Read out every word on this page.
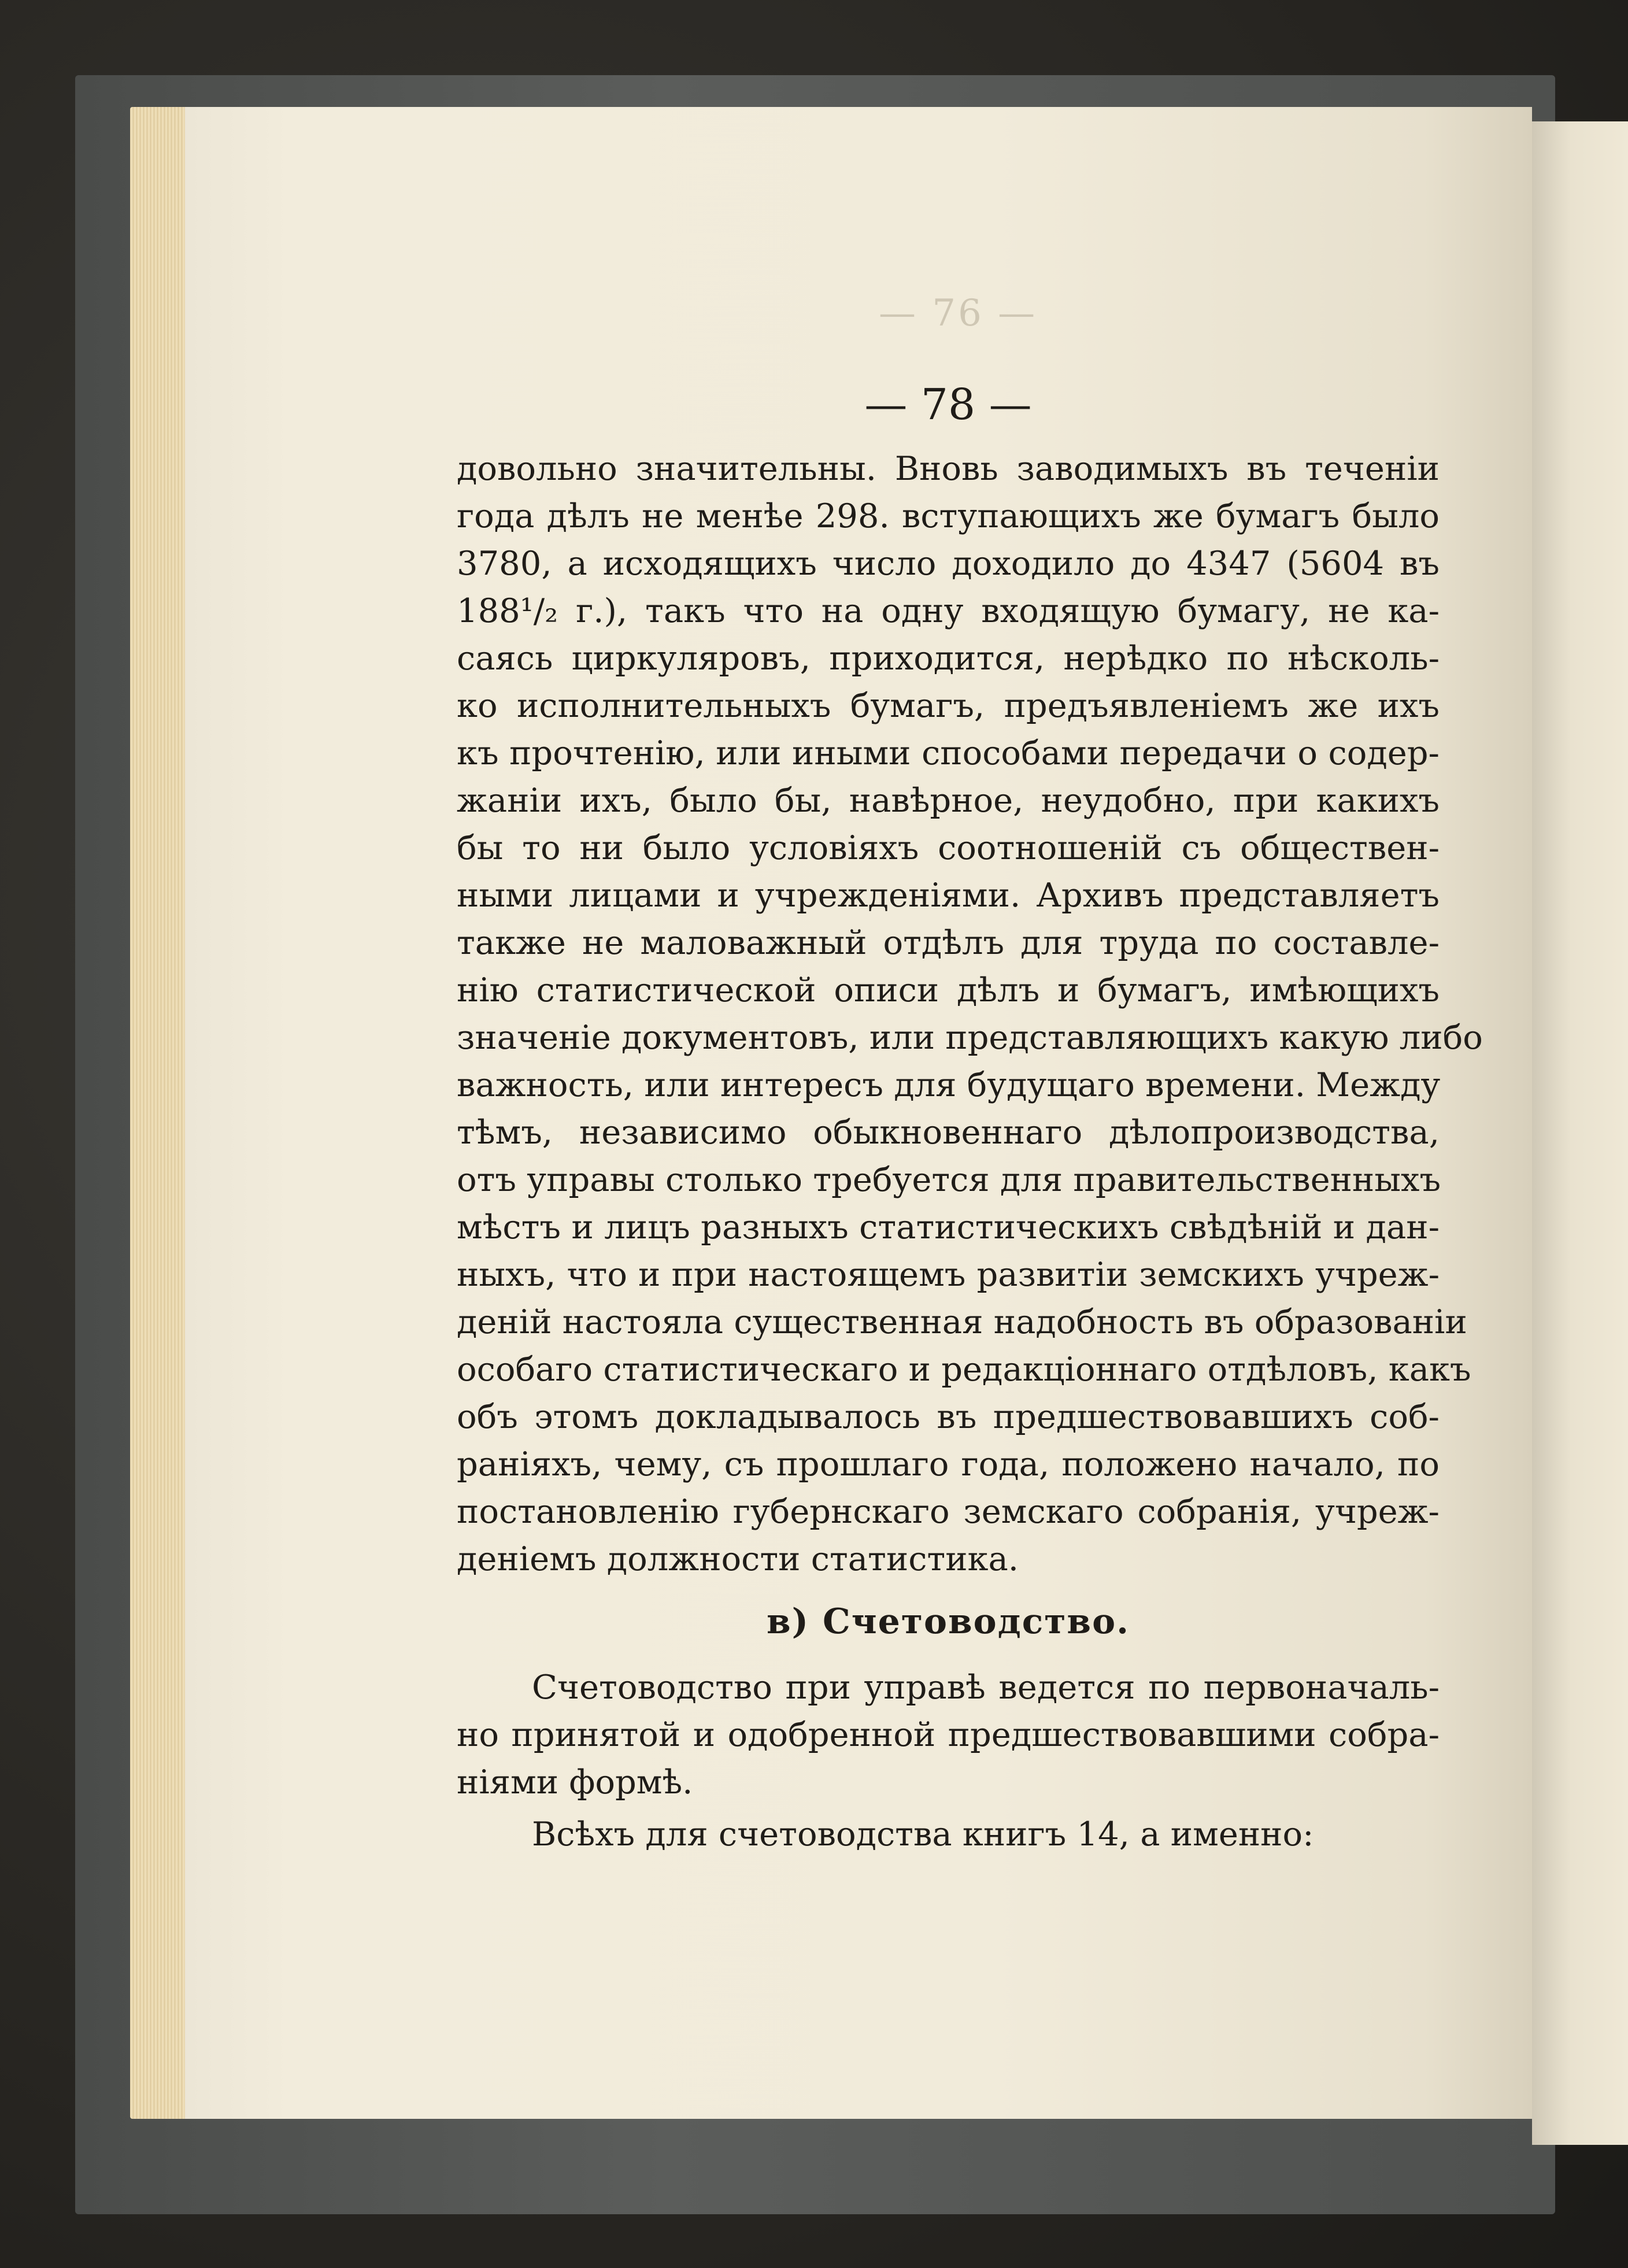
— 76 —
— 78 —

довольно значительны. Вновь заводимыхъ въ теченіи
года дѣлъ не менѣе 298. вступающихъ же бумагъ было
3780, а исходящихъ число доходило до 4347 (5604 въ
188¹/₂ г.), такъ что на одну входящую бумагу, не ка-
саясь циркуляровъ, приходится, нерѣдко по нѣсколь-
ко исполнительныхъ бумагъ, предъявленіемъ же ихъ
къ прочтенію, или иными способами передачи о содер-
жаніи ихъ, было бы, навѣрное, неудобно, при какихъ
бы то ни было условіяхъ соотношеній съ обществен-
ными лицами и учрежденіями. Архивъ представляетъ
также не маловажный отдѣлъ для труда по составле-
нію статистической описи дѣлъ и бумагъ, имѣющихъ
значеніе документовъ, или представляющихъ какую либо
важность, или интересъ для будущаго времени. Между
тѣмъ, независимо обыкновеннаго дѣлопроизводства,
отъ управы столько требуется для правительственныхъ
мѣстъ и лицъ разныхъ статистическихъ свѣдѣній и дан-
ныхъ, что и при настоящемъ развитіи земскихъ учреж-
деній настояла существенная надобность въ образованіи
особаго статистическаго и редакціоннаго отдѣловъ, какъ
объ этомъ докладывалось въ предшествовавшихъ соб-
раніяхъ, чему, съ прошлаго года, положено начало, по
постановленію губернскаго земскаго собранія, учреж-
деніемъ должности статистика.

в) Счетоводство.

Счетоводство при управѣ ведется по первоначаль-
но принятой и одобренной предшествовавшими собра-
ніями формѣ.

Всѣхъ для счетоводства книгъ 14, а именно:
